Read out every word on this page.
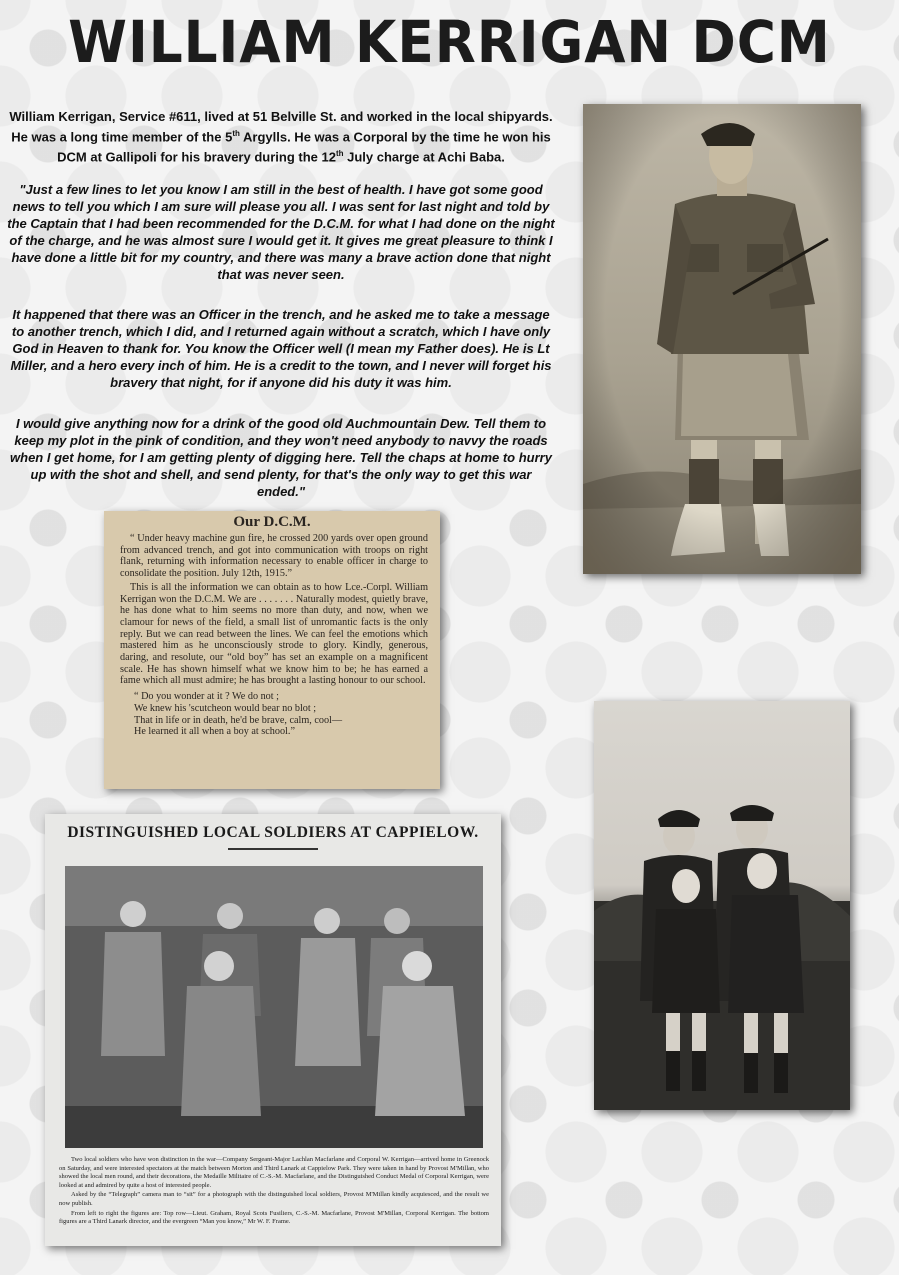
WILLIAM KERRIGAN DCM
William Kerrigan, Service #611, lived at 51 Belville St. and worked in the local shipyards. He was a long time member of the 5th Argylls. He was a Corporal by the time he won his DCM at Gallipoli for his bravery during the 12th July charge at Achi Baba.
"Just a few lines to let you know I am still in the best of health. I have got some good news to tell you which I am sure will please you all. I was sent for last night and told by the Captain that I had been recommended for the D.C.M. for what I had done on the night of the charge, and he was almost sure I would get it. It gives me great pleasure to think I have done a little bit for my country, and there was many a brave action done that night that was never seen.
It happened that there was an Officer in the trench, and he asked me to take a message to another trench, which I did, and I returned again without a scratch, which I have only God in Heaven to thank for. You know the Officer well (I mean my Father does). He is Lt Miller, and a hero every inch of him. He is a credit to the town, and I never will forget his bravery that night, for if anyone did his duty it was him.
I would give anything now for a drink of the good old Auchmountain Dew. Tell them to keep my plot in the pink of condition, and they won't need anybody to navvy the roads when I get home, for I am getting plenty of digging here. Tell the chaps at home to hurry up with the shot and shell, and send plenty, for that's the only way to get this war ended."
Our D.C.M.

“ Under heavy machine gun fire, he crossed 200 yards over open ground from advanced trench, and got into communication with troops on right flank, returning with information necessary to enable officer in charge to consolidate the position. July 12th, 1915.”

This is all the information we can obtain as to how Lce.-Corpl. William Kerrigan won the D.C.M. We are . . . . . . . Naturally modest, quietly brave, he has done what to him seems no more than duty, and now, when we clamour for news of the field, a small list of unromantic facts is the only reply. But we can read between the lines. We can feel the emotions which mastered him as he unconsciously strode to glory. Kindly, generous, daring, and resolute, our “old boy” has set an example on a magnificent scale. He has shown himself what we know him to be; he has earned a fame which all must admire; he has brought a lasting honour to our school.

“ Do you wonder at it ? We do not ;
We knew his 'scutcheon would bear no blot ;
That in life or in death, he'd be brave, calm, cool—
He learned it all when a boy at school.”
DISTINGUISHED LOCAL SOLDIERS AT CAPPIELOW.

Two local soldiers who have won distinction in the war—Company Sergeant-Major Lachlan Macfarlane and Corporal W. Kerrigan—arrived home in Greenock on Saturday, and were interested spectators at the match between Morton and Third Lanark at Cappielow Park. They were taken in hand by Provost M'Millan, who showed the local men round, and their decorations, the Medaille Militaire of C.-S.-M. Macfarlane, and the Distinguished Conduct Medal of Corporal Kerrigan, were looked at and admired by quite a host of interested people.

Asked by the “Telegraph” camera man to “sit” for a photograph with the distinguished local soldiers, Provost M'Millan kindly acquiesced, and the result we now publish.

From left to right the figures are: Top row—Lieut. Graham, Royal Scots Fusiliers, C.-S.-M. Macfarlane, Provost M'Millan, Corporal Kerrigan. The bottom figures are a Third Lanark director, and the evergreen “Man you know,” Mr W. F. Frame.
